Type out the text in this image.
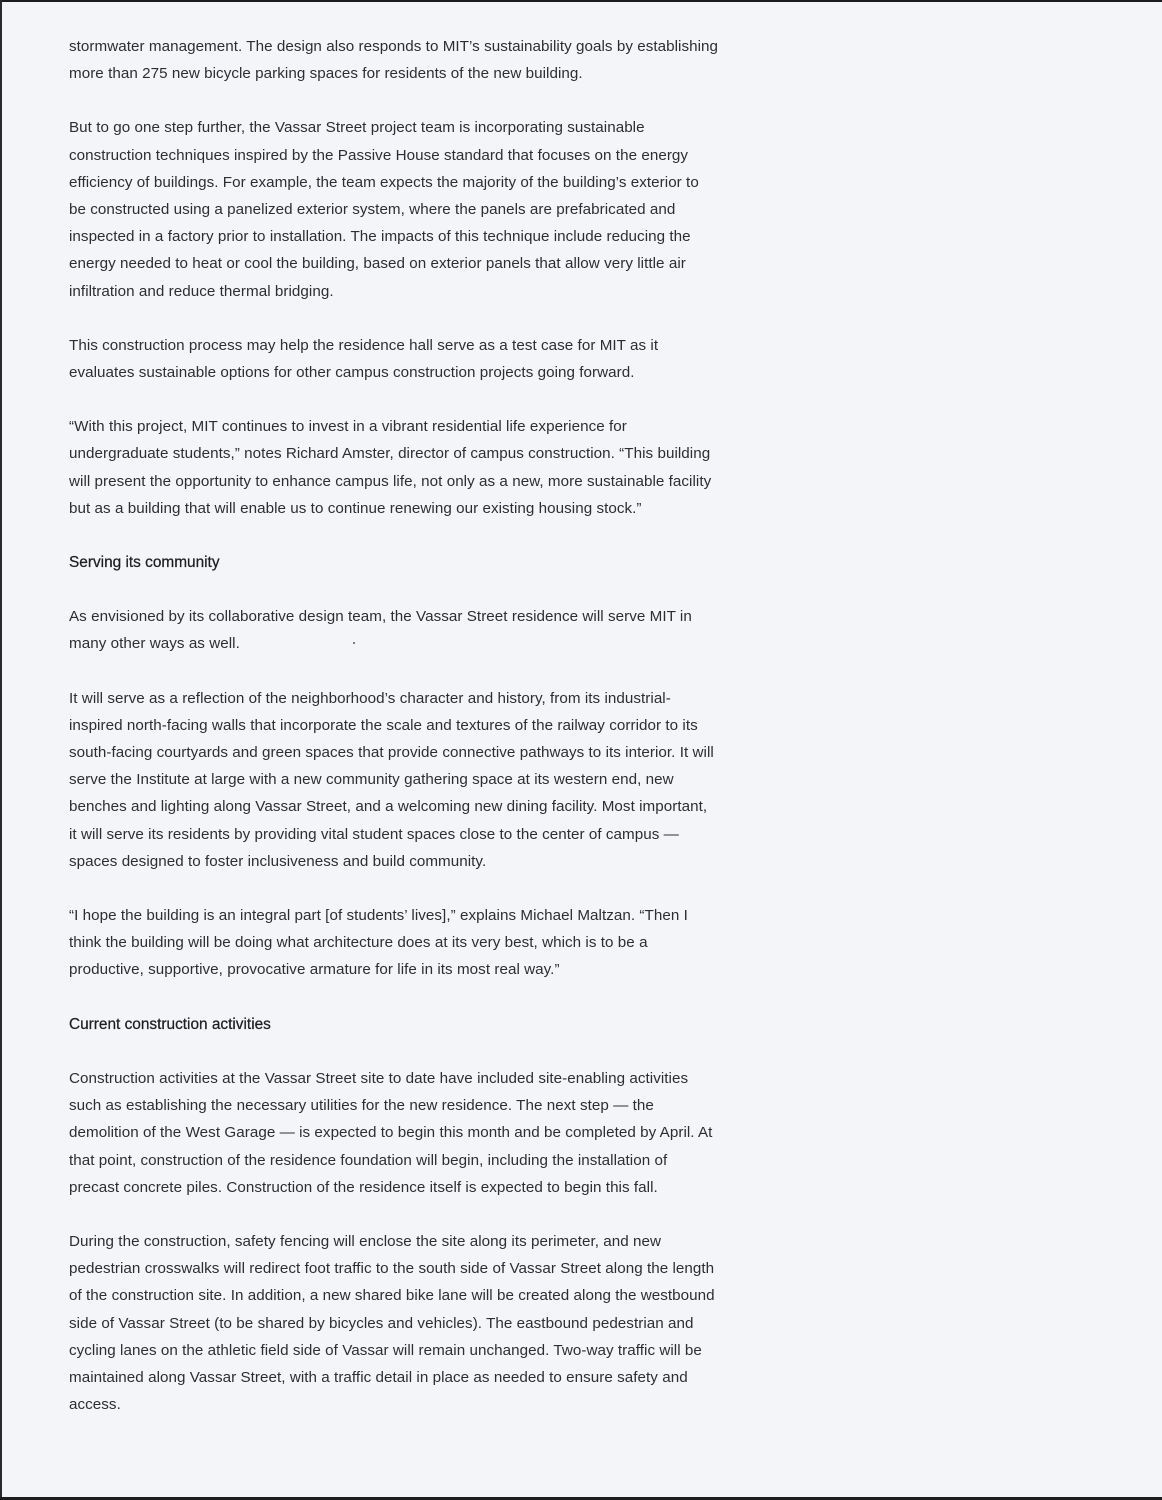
stormwater management. The design also responds to MIT’s sustainability goals by establishing
more than 275 new bicycle parking spaces for residents of the new building.

But to go one step further, the Vassar Street project team is incorporating sustainable
construction techniques inspired by the Passive House standard that focuses on the energy
efficiency of buildings. For example, the team expects the majority of the building’s exterior to
be constructed using a panelized exterior system, where the panels are prefabricated and
inspected in a factory prior to installation. The impacts of this technique include reducing the
energy needed to heat or cool the building, based on exterior panels that allow very little air
infiltration and reduce thermal bridging.

This construction process may help the residence hall serve as a test case for MIT as it
evaluates sustainable options for other campus construction projects going forward.

“With this project, MIT continues to invest in a vibrant residential life experience for
undergraduate students,” notes Richard Amster, director of campus construction. “This building
will present the opportunity to enhance campus life, not only as a new, more sustainable facility
but as a building that will enable us to continue renewing our existing housing stock.”

Serving its community

As envisioned by its collaborative design team, the Vassar Street residence will serve MIT in
many other ways as well.

It will serve as a reflection of the neighborhood’s character and history, from its industrial-
inspired north-facing walls that incorporate the scale and textures of the railway corridor to its
south-facing courtyards and green spaces that provide connective pathways to its interior. It will
serve the Institute at large with a new community gathering space at its western end, new
benches and lighting along Vassar Street, and a welcoming new dining facility. Most important,
it will serve its residents by providing vital student spaces close to the center of campus —
spaces designed to foster inclusiveness and build community.

“I hope the building is an integral part [of students’ lives],” explains Michael Maltzan. “Then I
think the building will be doing what architecture does at its very best, which is to be a
productive, supportive, provocative armature for life in its most real way.”

Current construction activities

Construction activities at the Vassar Street site to date have included site-enabling activities
such as establishing the necessary utilities for the new residence. The next step — the
demolition of the West Garage — is expected to begin this month and be completed by April. At
that point, construction of the residence foundation will begin, including the installation of
precast concrete piles. Construction of the residence itself is expected to begin this fall.

During the construction, safety fencing will enclose the site along its perimeter, and new
pedestrian crosswalks will redirect foot traffic to the south side of Vassar Street along the length
of the construction site. In addition, a new shared bike lane will be created along the westbound
side of Vassar Street (to be shared by bicycles and vehicles). The eastbound pedestrian and
cycling lanes on the athletic field side of Vassar will remain unchanged. Two-way traffic will be
maintained along Vassar Street, with a traffic detail in place as needed to ensure safety and
access.
